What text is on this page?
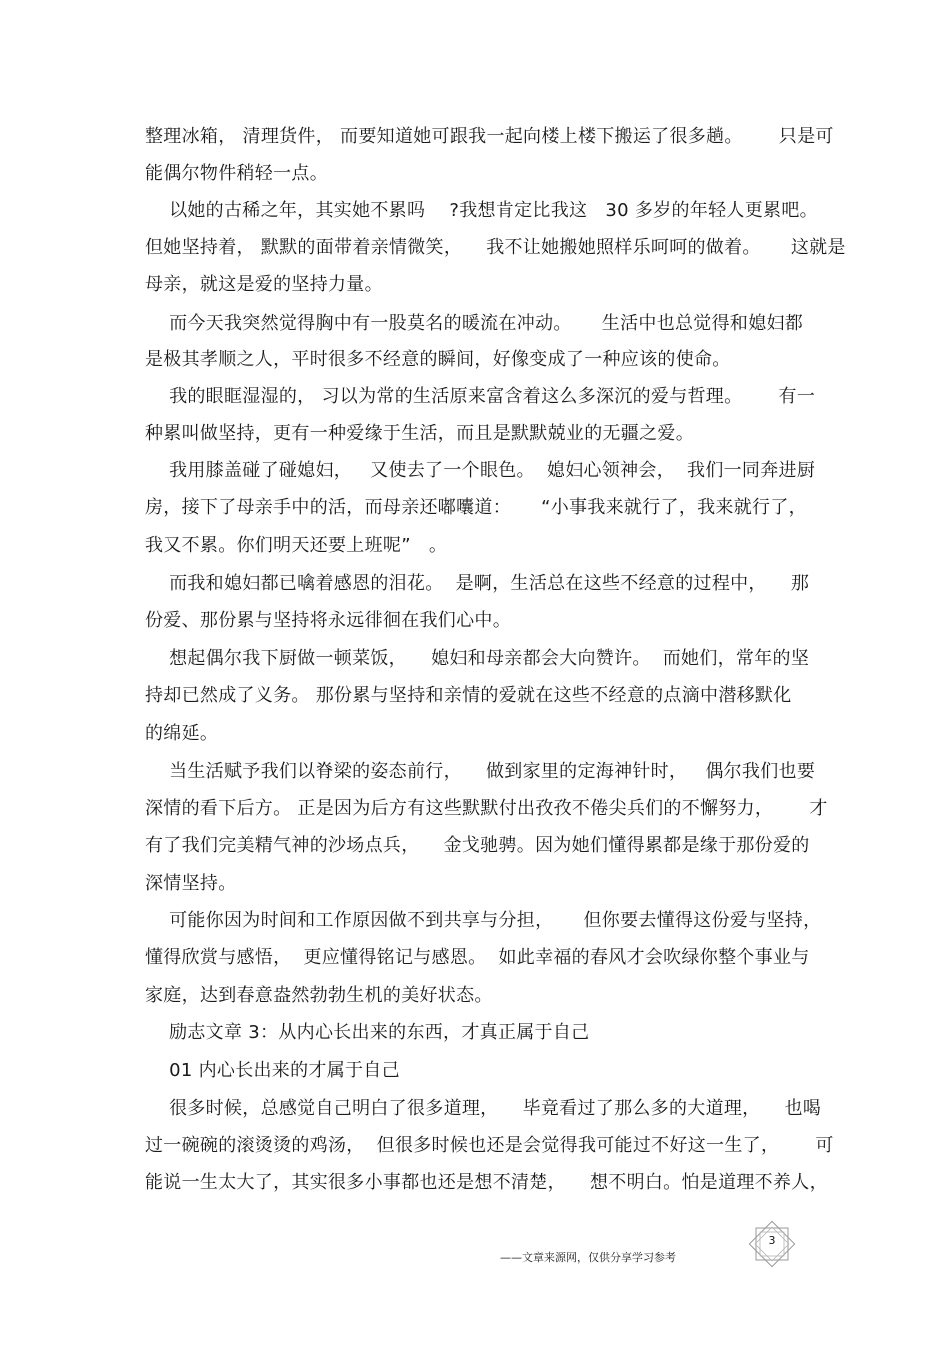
整理冰箱， 清理货件， 而要知道她可跟我一起向楼上楼下搬运了很多趟。      只是可
能偶尔物件稍轻一点。
以她的古稀之年，其实她不累吗    ?我想肯定比我这   30 多岁的年轻人更累吧。
但她坚持着， 默默的面带着亲情微笑，    我不让她搬她照样乐呵呵的做着。     这就是
母亲，就这是爱的坚持力量。
而今天我突然觉得胸中有一股莫名的暖流在冲动。     生活中也总觉得和媳妇都
是极其孝顺之人，平时很多不经意的瞬间，好像变成了一种应该的使命。
我的眼眶湿湿的， 习以为常的生活原来富含着这么多深沉的爱与哲理。      有一
种累叫做坚持，更有一种爱缘于生活，而且是默默兢业的无疆之爱。
我用膝盖碰了碰媳妇，   又使去了一个眼色。  媳妇心领神会，  我们一同奔进厨
房，接下了母亲手中的活，而母亲还嘟囔道：     “小事我来就行了，我来就行了，
我又不累。你们明天还要上班呢”   。
而我和媳妇都已噙着感恩的泪花。  是啊，生活总在这些不经意的过程中，    那
份爱、那份累与坚持将永远徘徊在我们心中。
想起偶尔我下厨做一顿菜饭，    媳妇和母亲都会大向赞许。  而她们，常年的坚
持却已然成了义务。 那份累与坚持和亲情的爱就在这些不经意的点滴中潜移默化
的绵延。
当生活赋予我们以脊梁的姿态前行，    做到家里的定海神针时，   偶尔我们也要
深情的看下后方。 正是因为后方有这些默默付出孜孜不倦尖兵们的不懈努力，      才
有了我们完美精气神的沙场点兵，    金戈驰骋。因为她们懂得累都是缘于那份爱的
深情坚持。
可能你因为时间和工作原因做不到共享与分担，     但你要去懂得这份爱与坚持，
懂得欣赏与感悟，  更应懂得铭记与感恩。  如此幸福的春风才会吹绿你整个事业与
家庭，达到春意盎然勃勃生机的美好状态。
励志文章 3：从内心长出来的东西，才真正属于自己
01 内心长出来的才属于自己
很多时候，总感觉自己明白了很多道理，    毕竟看过了那么多的大道理，    也喝
过一碗碗的滚烫烫的鸡汤，  但很多时候也还是会觉得我可能过不好这一生了，      可
能说一生太大了，其实很多小事都也还是想不清楚，    想不明白。怕是道理不养人，
3
——文章来源网，仅供分享学习参考
